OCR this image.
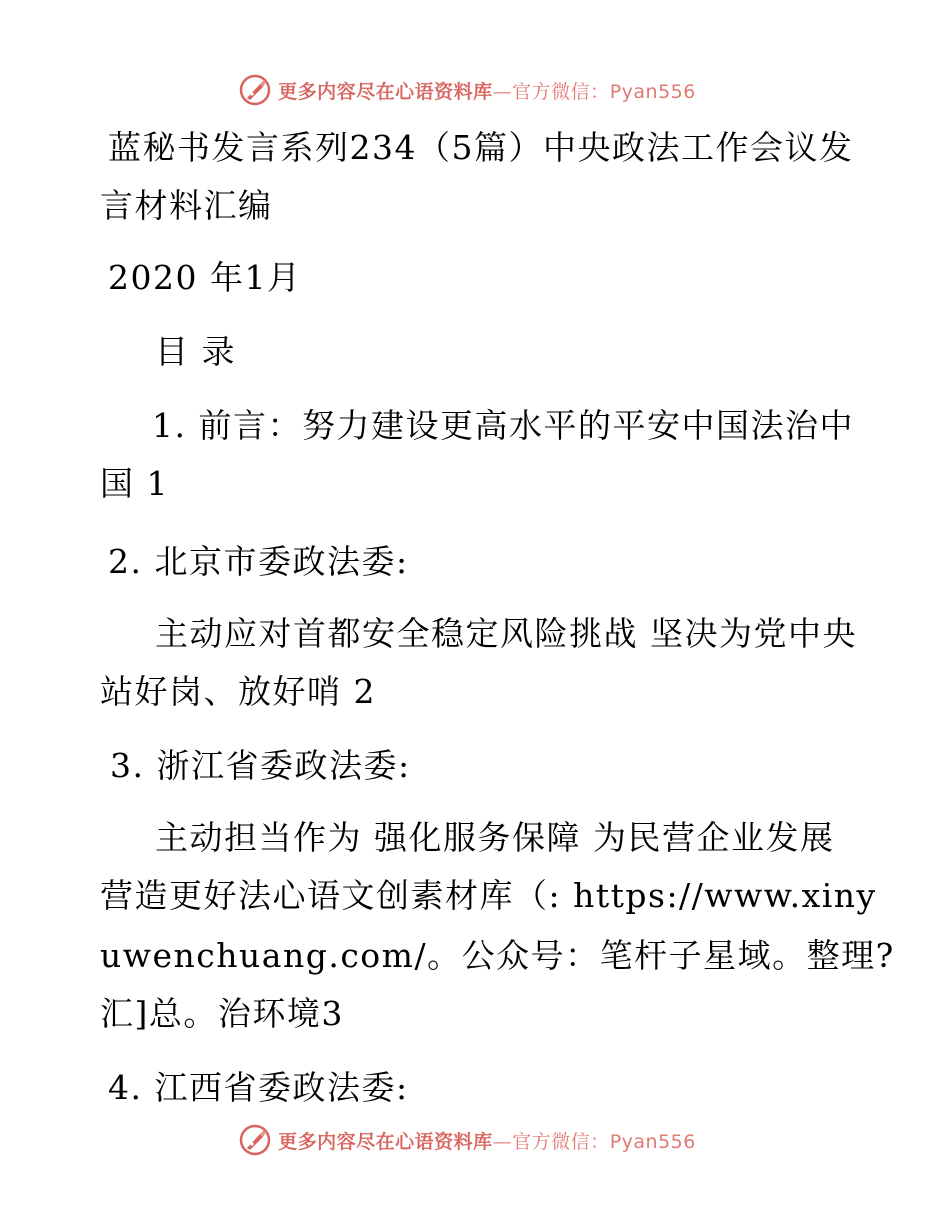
更多内容尽在心语资料库—官方微信：Pyan556
蓝秘书发言系列234（5篇）中央政法工作会议发
言材料汇编
2020 年1月
目 录
1. 前言：努力建设更高水平的平安中国法治中
国 1
2. 北京市委政法委:
主动应对首都安全稳定风险挑战 坚决为党中央
站好岗、放好哨 2
3. 浙江省委政法委:
主动担当作为 强化服务保障 为民营企业发展
营造更好法心语文创素材库（: https://www.xiny
uwenchuang.com/。公众号：笔杆子星域。整理?
汇]总。治环境3
4. 江西省委政法委:
更多内容尽在心语资料库—官方微信：Pyan556
